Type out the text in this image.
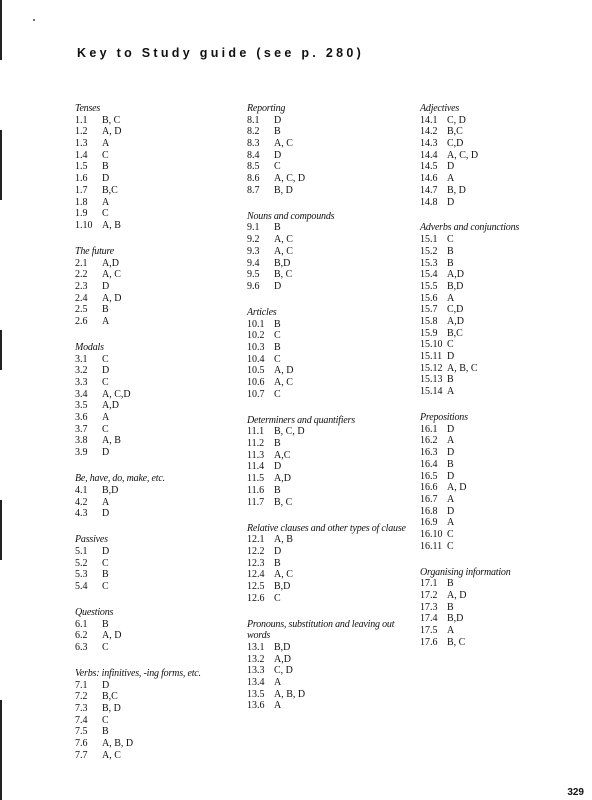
Key to Study guide (see p. 280)
Tenses
1.1	B, C
1.2	A, D
1.3	A
1.4	C
1.5	B
1.6	D
1.7	B,C
1.8	A
1.9	C
1.10 A, B
The future
2.1	A,D
2.2	A, C
2.3	D
2.4	A, D
2.5	B
2.6	A
Modals
3.1	C
3.2	D
3.3	C
3.4	A, C,D
3.5	A,D
3.6	A
3.7	C
3.8	A, B
3.9	D
Be, have, do, make, etc.
4.1	B,D
4.2	A
4.3	D
Passives
5.1	D
5.2	C
5.3	B
5.4	C
Questions
6.1	B
6.2	A, D
6.3	C
Verbs: infinitives, -ing forms, etc.
7.1	D
7.2	B,C
7.3	B, D
7.4	C
7.5	B
7.6	A, B, D
7.7	A, C
Reporting
8.1	D
8.2	B
8.3	A, C
8.4	D
8.5	C
8.6	A, C, D
8.7	B, D
Nouns and compounds
9.1	B
9.2	A, C
9.3	A, C
9.4	B,D
9.5	B, C
9.6	D
Articles
10.1 B
10.2 C
10.3 B
10.4 C
10.5 A, D
10.6 A, C
10.7 C
Determiners and quantifiers
11.1 B, C, D
11.2 B
11.3 A,C
11.4 D
11.5 A,D
11.6 B
11.7 B, C
Relative clauses and other types of clause
12.1 A, B
12.2 D
12.3 B
12.4 A, C
12.5 B,D
12.6 C
Pronouns, substitution and leaving out words
13.1 B,D
13.2 A,D
13.3 C, D
13.4 A
13.5 A, B, D
13.6 A
Adjectives
14.1 C, D
14.2 B,C
14.3 C,D
14.4 A, C, D
14.5 D
14.6 A
14.7 B, D
14.8 D
Adverbs and conjunctions
15.1 C
15.2 B
15.3 B
15.4 A,D
15.5 B,D
15.6 A
15.7 C,D
15.8 A,D
15.9 B,C
15.10 C
15.11 D
15.12 A, B, C
15.13 B
15.14 A
Prepositions
16.1 D
16.2 A
16.3 D
16.4 B
16.5 D
16.6 A, D
16.7 A
16.8 D
16.9 A
16.10 C
16.11 C
Organising information
17.1 B
17.2 A, D
17.3 B
17.4 B,D
17.5 A
17.6 B, C
329
